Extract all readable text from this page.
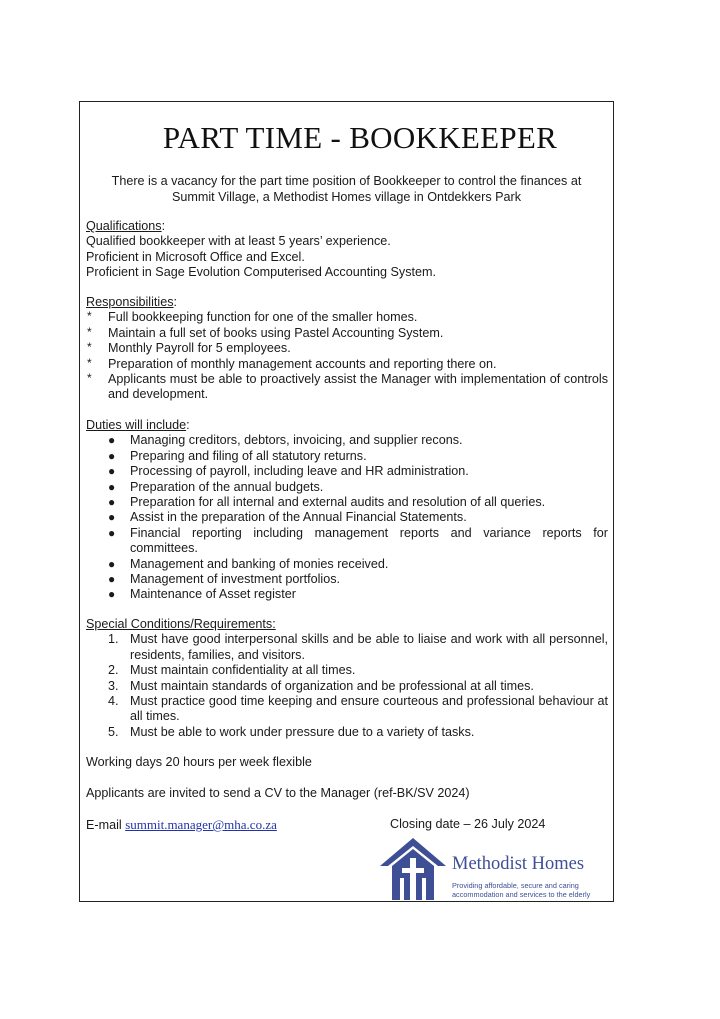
PART TIME - BOOKKEEPER
There is a vacancy for the part time position of Bookkeeper to control the finances at
Summit Village, a Methodist Homes village in Ontdekkers Park
Qualifications:
Qualified bookkeeper with at least 5 years’ experience.
Proficient in Microsoft Office and Excel.
Proficient in Sage Evolution Computerised Accounting System.
Responsibilities:
* Full bookkeeping function for one of the smaller homes.
* Maintain a full set of books using Pastel Accounting System.
* Monthly Payroll for 5 employees.
* Preparation of monthly management accounts and reporting there on.
* Applicants must be able to proactively assist the Manager with implementation of controls and development.
Duties will include:
● Managing creditors, debtors, invoicing, and supplier recons.
● Preparing and filing of all statutory returns.
● Processing of payroll, including leave and HR administration.
● Preparation of the annual budgets.
● Preparation for all internal and external audits and resolution of all queries.
● Assist in the preparation of the Annual Financial Statements.
● Financial reporting including management reports and variance reports for committees.
● Management and banking of monies received.
● Management of investment portfolios.
● Maintenance of Asset register
Special Conditions/Requirements:
1. Must have good interpersonal skills and be able to liaise and work with all personnel, residents, families, and visitors.
2. Must maintain confidentiality at all times.
3. Must maintain standards of organization and be professional at all times.
4. Must practice good time keeping and ensure courteous and professional behaviour at all times.
5. Must be able to work under pressure due to a variety of tasks.
Working days 20 hours per week flexible
Applicants are invited to send a CV to the Manager (ref-BK/SV 2024)
E-mail summit.manager@mha.co.za	Closing date – 26 July 2024
Methodist Homes
Providing affordable, secure and caring
accommodation and services to the elderly
